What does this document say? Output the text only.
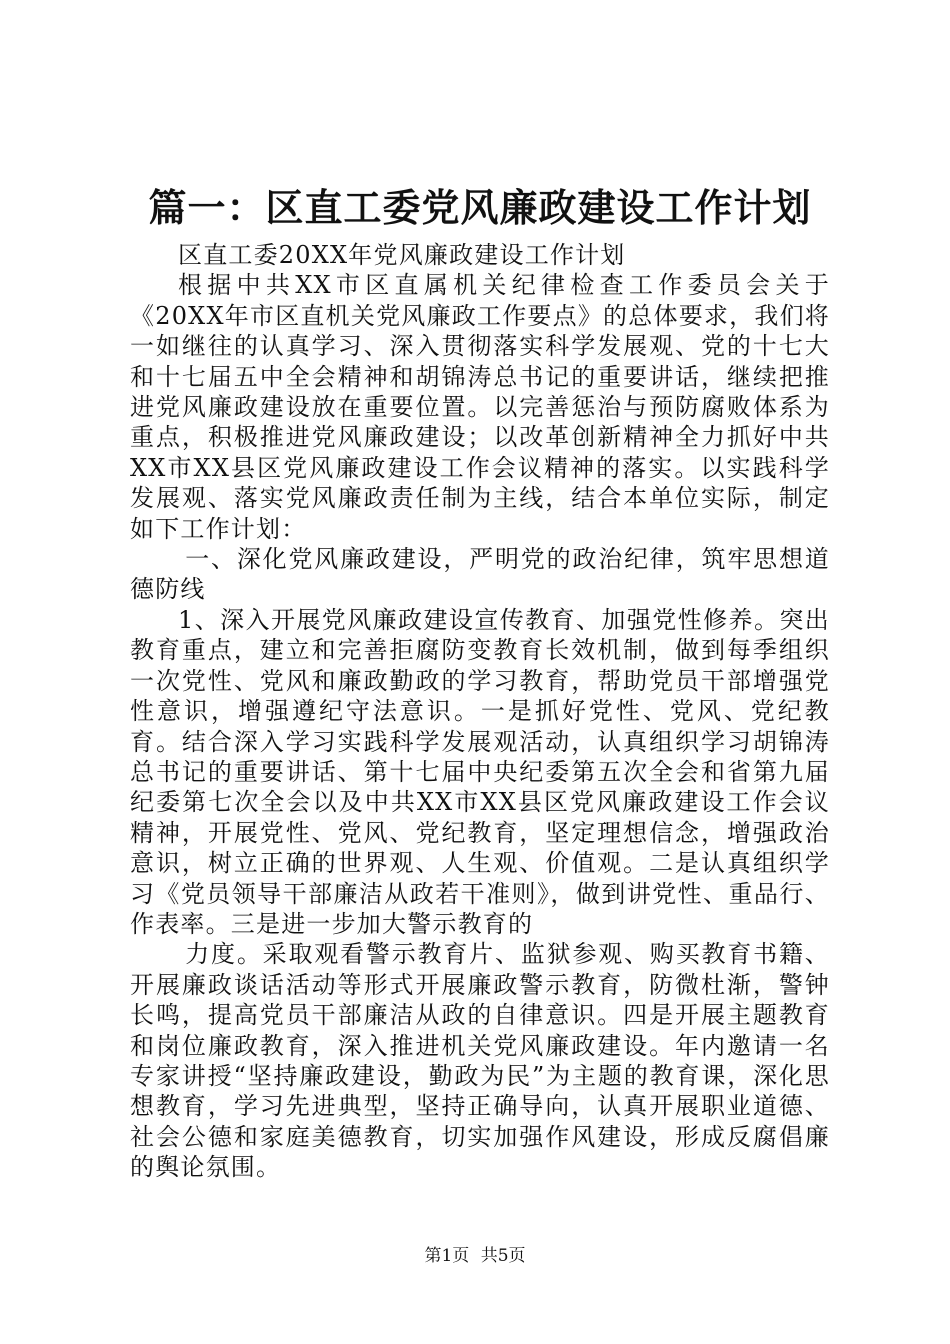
篇一：区直工委党风廉政建设工作计划

区直工委20XX年党风廉政建设工作计划

根据中共XX市区直属机关纪律检查工作委员会关于《20XX年市区直机关党风廉政工作要点》的总体要求，我们将一如继往的认真学习、深入贯彻落实科学发展观、党的十七大和十七届五中全会精神和胡锦涛总书记的重要讲话，继续把推进党风廉政建设放在重要位置。以完善惩治与预防腐败体系为重点，积极推进党风廉政建设；以改革创新精神全力抓好中共XX市XX县区党风廉政建设工作会议精神的落实。以实践科学发展观、落实党风廉政责任制为主线，结合本单位实际，制定如下工作计划：

一、深化党风廉政建设，严明党的政治纪律，筑牢思想道德防线

1、深入开展党风廉政建设宣传教育、加强党性修养。突出教育重点，建立和完善拒腐防变教育长效机制，做到每季组织一次党性、党风和廉政勤政的学习教育，帮助党员干部增强党性意识，增强遵纪守法意识。一是抓好党性、党风、党纪教育。结合深入学习实践科学发展观活动，认真组织学习胡锦涛总书记的重要讲话、第十七届中央纪委第五次全会和省第九届纪委第七次全会以及中共XX市XX县区党风廉政建设工作会议精神，开展党性、党风、党纪教育，坚定理想信念，增强政治意识，树立正确的世界观、人生观、价值观。二是认真组织学习《党员领导干部廉洁从政若干准则》，做到讲党性、重品行、作表率。三是进一步加大警示教育的

力度。采取观看警示教育片、监狱参观、购买教育书籍、开展廉政谈话活动等形式开展廉政警示教育，防微杜渐，警钟长鸣，提高党员干部廉洁从政的自律意识。四是开展主题教育和岗位廉政教育，深入推进机关党风廉政建设。年内邀请一名专家讲授“坚持廉政建设，勤政为民”为主题的教育课，深化思想教育，学习先进典型，坚持正确导向，认真开展职业道德、社会公德和家庭美德教育，切实加强作风建设，形成反腐倡廉的舆论氛围。

第1页 共5页
